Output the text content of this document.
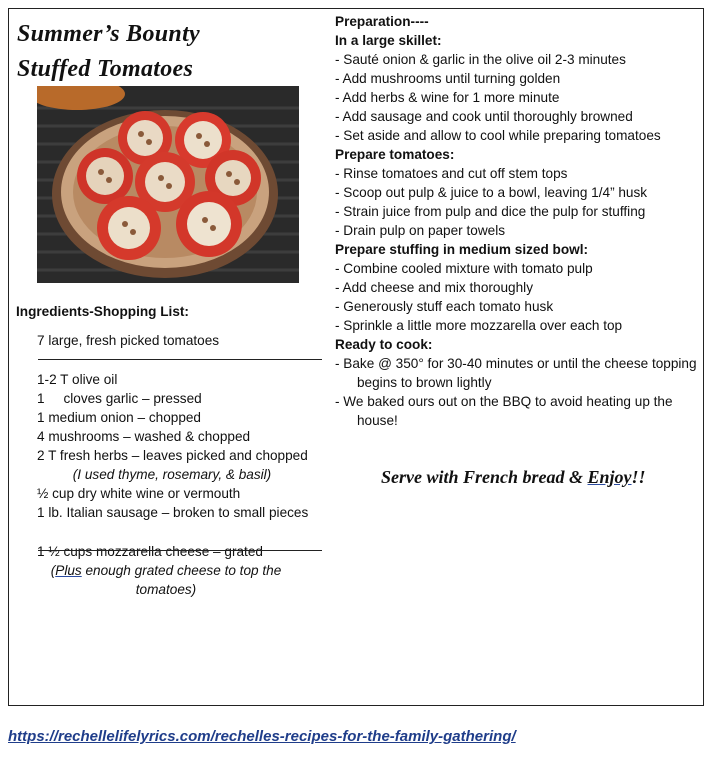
Summer’s Bounty
Stuffed Tomatoes
Ingredients-Shopping List:
7 large, fresh picked tomatoes
1-2 T olive oil
1     cloves garlic – pressed
1 medium onion – chopped
4 mushrooms – washed & chopped
2 T fresh herbs – leaves picked and chopped
(I used thyme, rosemary, & basil)
½ cup dry white wine or vermouth
1 lb. Italian sausage – broken to small pieces
1 ½ cups mozzarella cheese – grated
(Plus enough grated cheese to top the
tomatoes)
Preparation----
In a large skillet:
- Sauté onion & garlic in the olive oil 2-3 minutes
- Add mushrooms until turning golden
- Add herbs & wine for 1 more minute
- Add sausage and cook until thoroughly browned
- Set aside and allow to cool while preparing tomatoes
Prepare tomatoes:
- Rinse tomatoes and cut off stem tops
- Scoop out pulp & juice to a bowl, leaving 1/4” husk
- Strain juice from pulp and dice the pulp for stuffing
- Drain pulp on paper towels
Prepare stuffing in medium sized bowl:
- Combine cooled mixture with tomato pulp
- Add cheese and mix thoroughly
- Generously stuff each tomato husk
- Sprinkle a little more mozzarella over each top
Ready to cook:
- Bake @ 350° for 30-40 minutes or until the cheese topping begins to brown lightly
- We baked ours out on the BBQ to avoid heating up the house!
Serve with French bread & Enjoy!!
https://rechellelifelyrics.com/rechelles-recipes-for-the-family-gathering/
